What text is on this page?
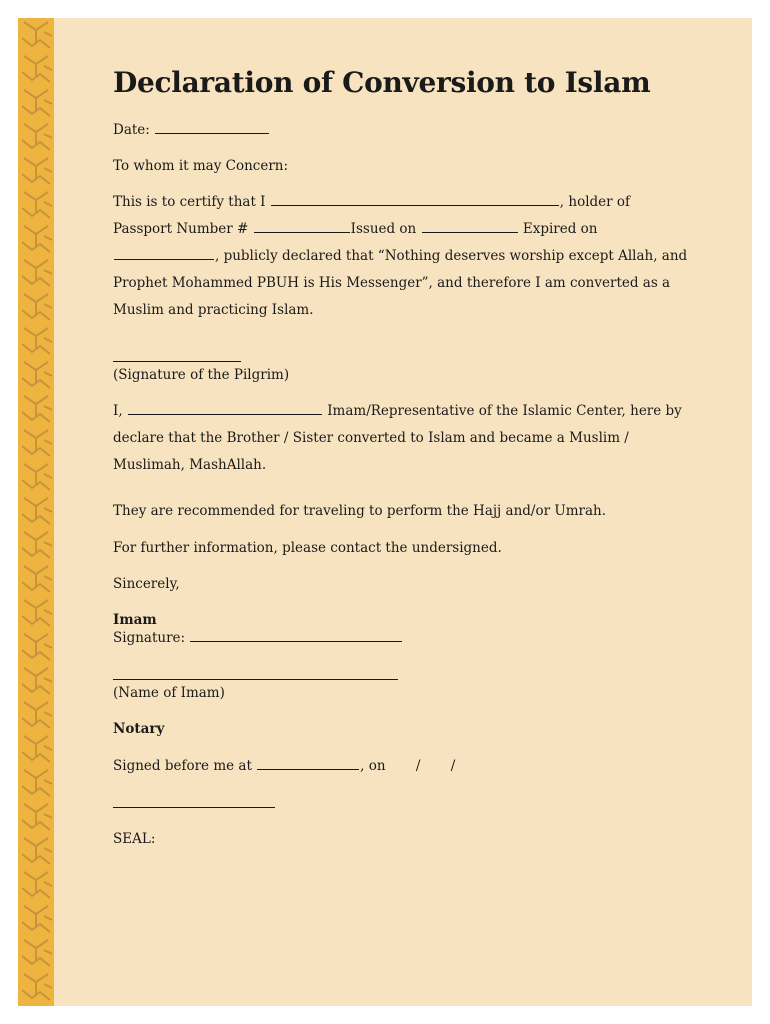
Declaration of Conversion to Islam
Date:
To whom it may Concern:
This is to certify that I	, holder of
Passport Number #	Issued on	Expired on
, publicly declared that “Nothing deserves worship except Allah, and
Prophet Mohammed PBUH is His Messenger”, and therefore I am converted as a
Muslim and practicing Islam.
(Signature of the Pilgrim)
I,	Imam/Representative of the Islamic Center, here by
declare that the Brother / Sister converted to Islam and became a Muslim /
Muslimah, MashAllah.
They are recommended for traveling to perform the Hajj and/or Umrah.
For further information, please contact the undersigned.
Sincerely,
Imam
Signature:
(Name of Imam)
Notary
Signed before me at	, on / /
SEAL:
